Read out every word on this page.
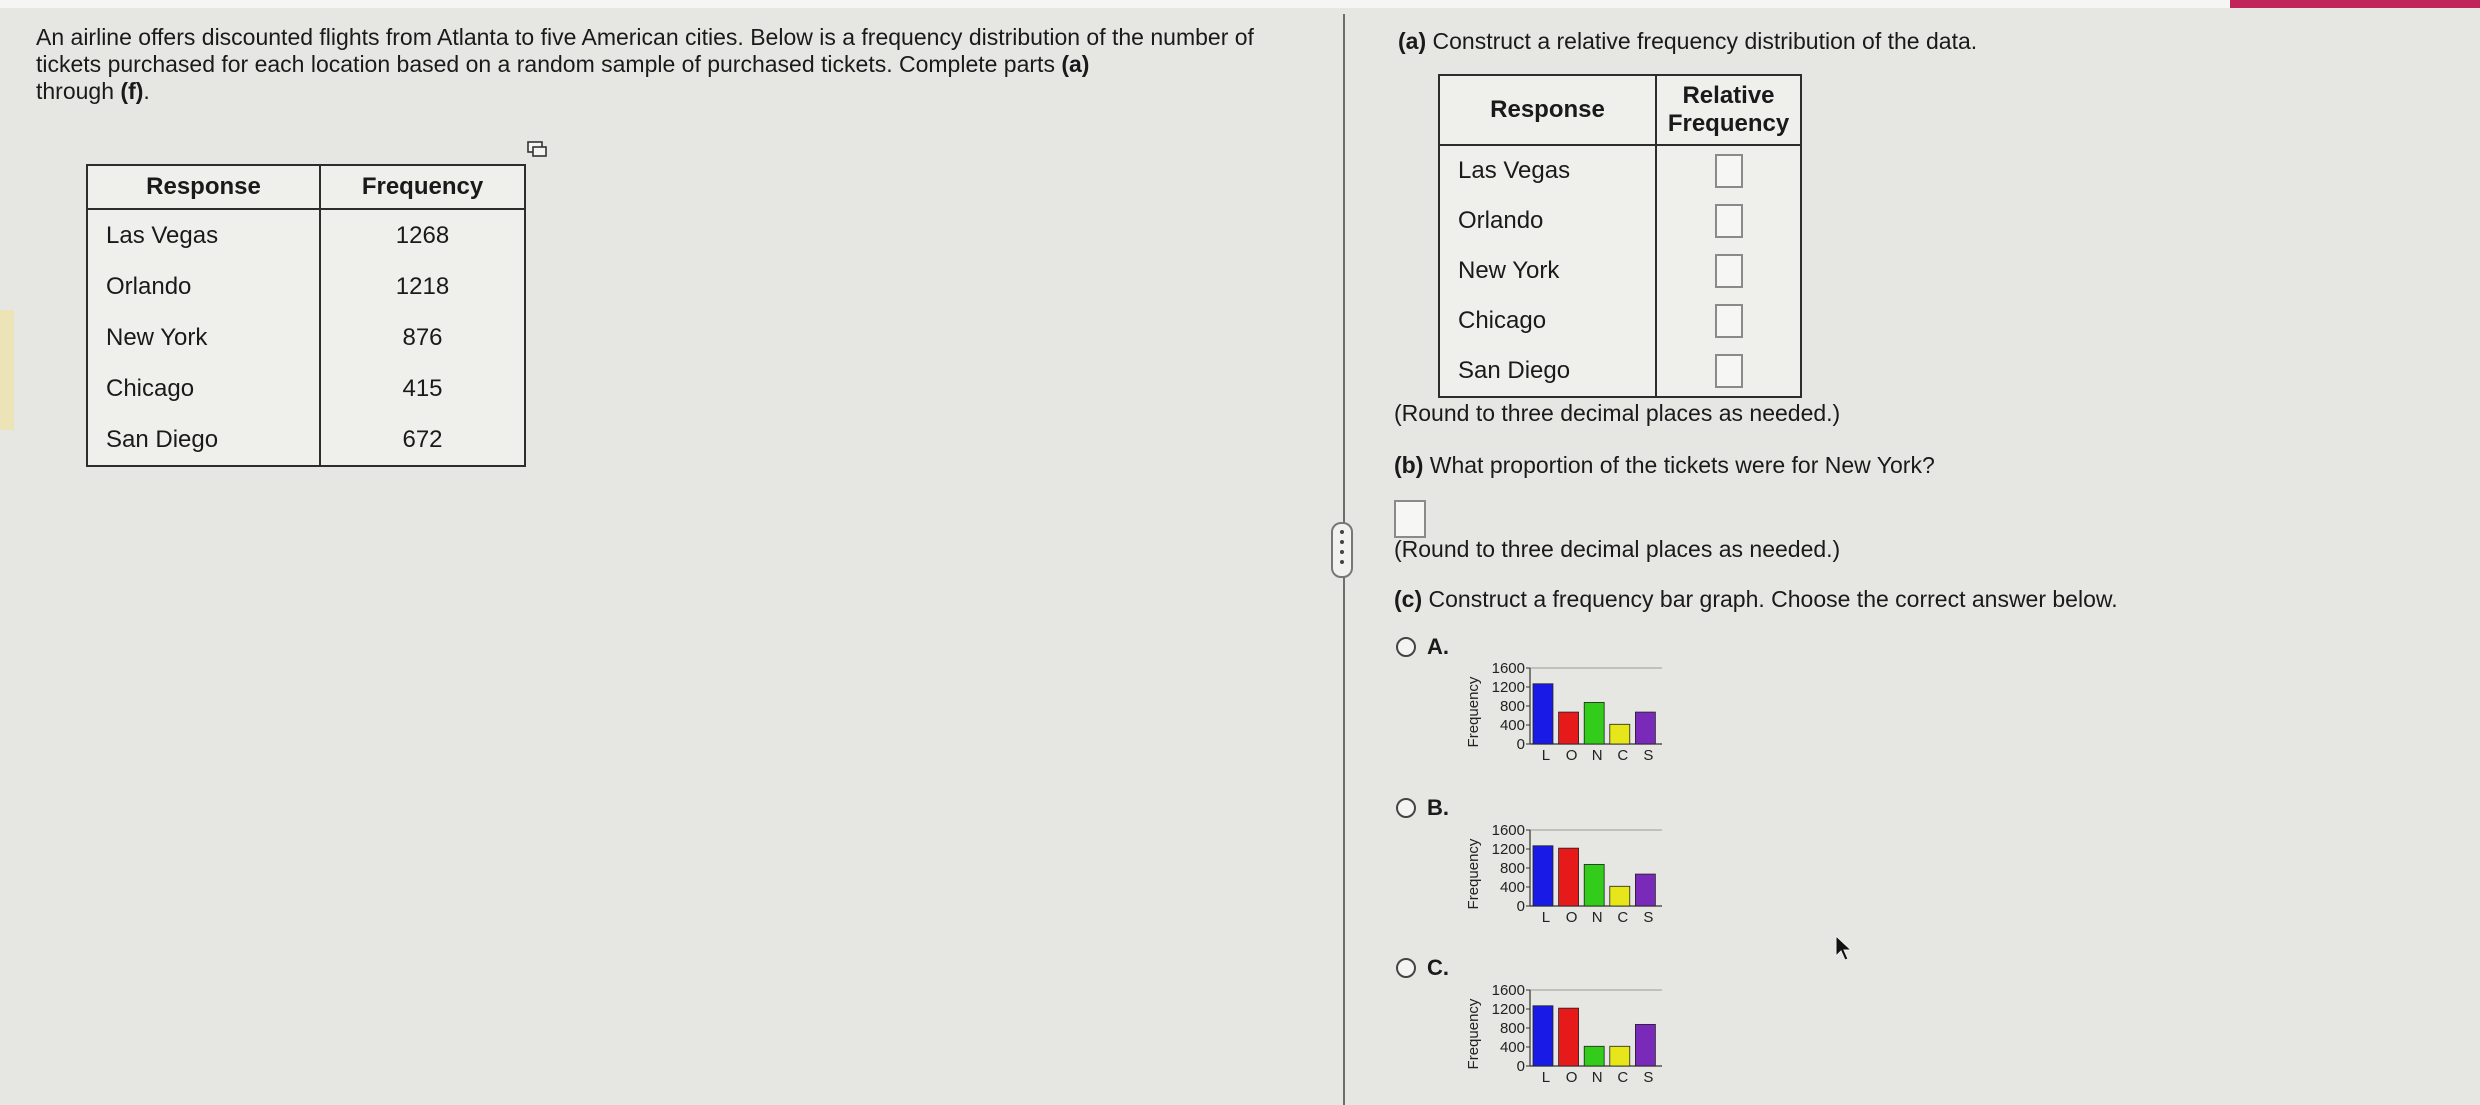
An airline offers discounted flights from Atlanta to five American cities. Below is a frequency distribution of the number of tickets purchased for each location based on a random sample of purchased tickets. Complete parts (a)
through (f).
Response	Frequency
Las Vegas	1268
Orlando	1218
New York	876
Chicago	415
San Diego	672
(a) Construct a relative frequency distribution of the data.
Response	Relative
Frequency
Las Vegas	
Orlando	
New York	
Chicago	
San Diego	
(Round to three decimal places as needed.)
(b) What proportion of the tickets were for New York?
(Round to three decimal places as needed.)
(c) Construct a frequency bar graph. Choose the correct answer below.
A.
1600
1200
800
400
0
Frequency
L O N C S
B.
1600
1200
800
400
0
Frequency
L O N C S
C.
1600
1200
800
400
0
Frequency
L O N C S
